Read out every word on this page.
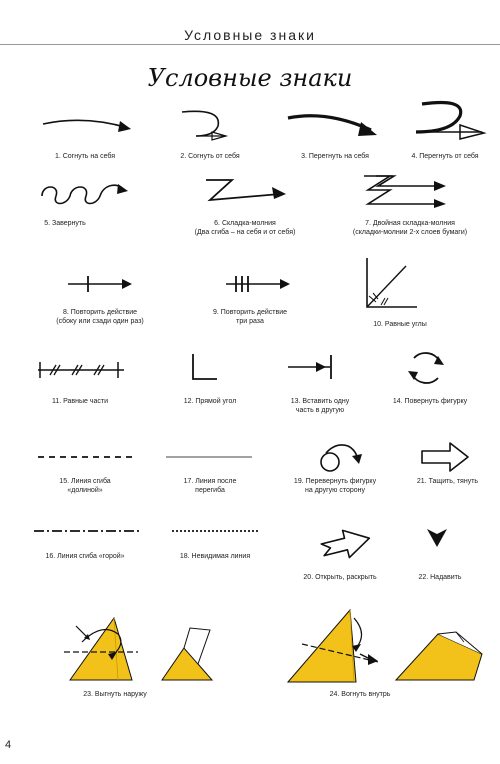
Условные знаки
Условные знаки
1. Согнуть на себя	2. Согнуть от себя	3. Перегнуть на себя	4. Перегнуть от себя
5. Завернуть	6. Складка-молния
(Два сгиба – на себя и от себя)
7. Двойная складка-молния
(складки-молнии 2-х слоев бумаги)
8. Повторить действие
(сбоку или сзади один раз)
9. Повторить действие
три раза	10. Равные углы
11. Равные части	12. Прямой угол	13. Вставить одну
часть в другую
14. Повернуть фигурку
15. Линия сгиба
«долиной»
17. Линия после
перегиба
19. Перевернуть фигурку
на другую сторону
21. Тащить, тянуть
16. Линия сгиба «горой»	18. Невидимая линия
20. Открыть, раскрыть	22. Надавить
23. Выгнуть наружу	24. Вогнуть внутрь
4
